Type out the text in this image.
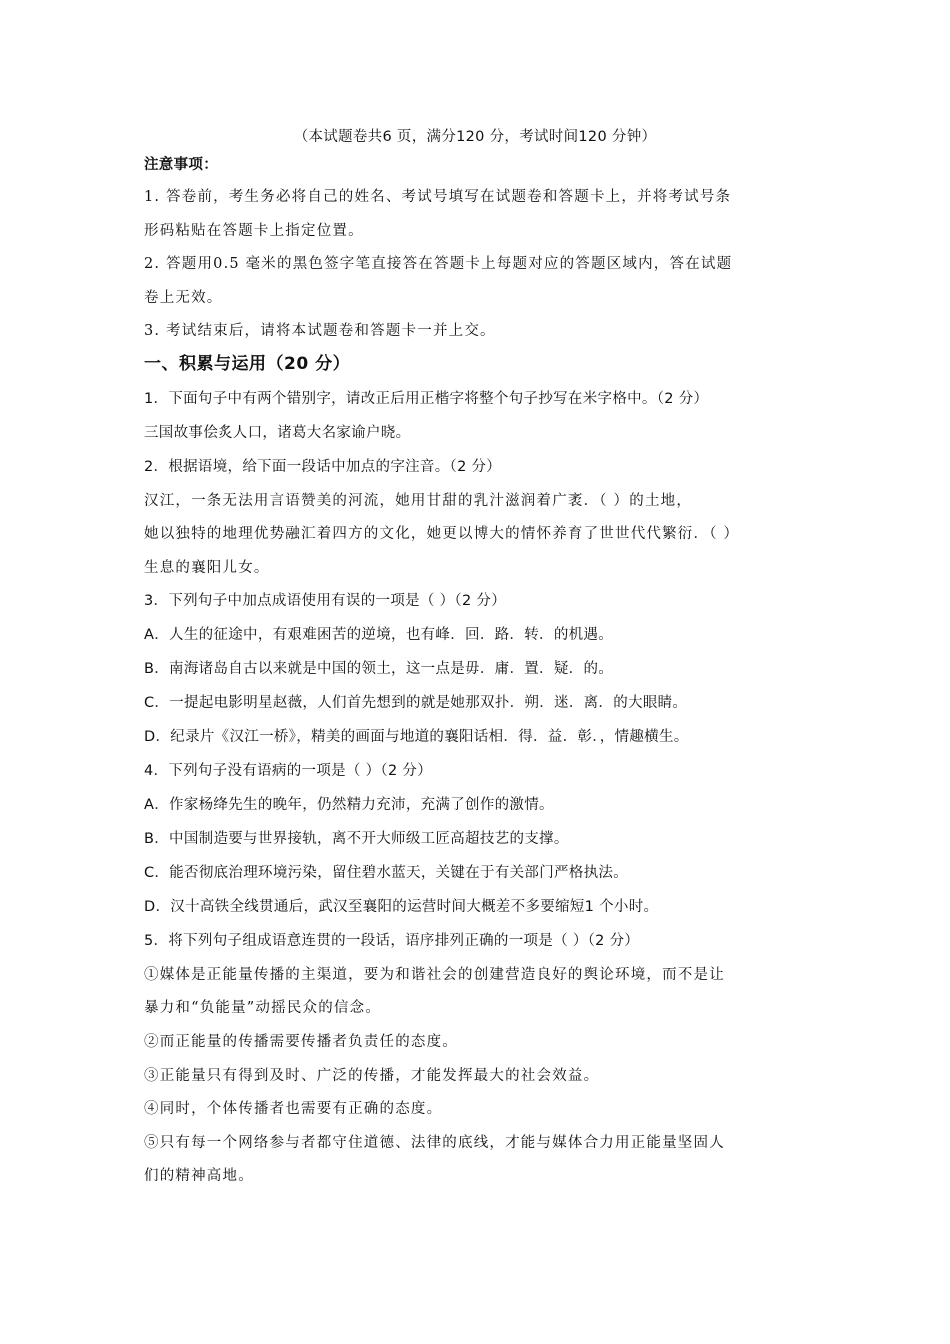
（本试题卷共6 页，满分120 分，考试时间120 分钟）
注意事项：
1. 答卷前，考生务必将自己的姓名、考试号填写在试题卷和答题卡上，并将考试号条
形码粘贴在答题卡上指定位置。
2. 答题用0.5 毫米的黑色签字笔直接答在答题卡上每题对应的答题区域内，答在试题
卷上无效。
3. 考试结束后，请将本试题卷和答题卡一并上交。
一、积累与运用（20 分）
1．下面句子中有两个错别字，请改正后用正楷字将整个句子抄写在米字格中。（2 分）
三国故事侩炙人口，诸葛大名家谕户晓。
2．根据语境，给下面一段话中加点的字注音。（2 分）
汉江，一条无法用言语赞美的河流，她用甘甜的乳汁滋润着广袤．（ ）的土地，
她以独特的地理优势融汇着四方的文化，她更以博大的情怀养育了世世代代繁衍．（ ）
生息的襄阳儿女。
3．下列句子中加点成语使用有误的一项是（ ）（2 分）
A．人生的征途中，有艰难困苦的逆境，也有峰．回．路．转．的机遇。
B．南海诸岛自古以来就是中国的领土，这一点是毋．庸．置．疑．的。
C．一提起电影明星赵薇，人们首先想到的就是她那双扑．朔．迷．离．的大眼睛。
D．纪录片《汉江一桥》，精美的画面与地道的襄阳话相．得．益．彰．，情趣横生。
4．下列句子没有语病的一项是（ ）（2 分）
A．作家杨绛先生的晚年，仍然精力充沛，充满了创作的激情。
B．中国制造要与世界接轨，离不开大师级工匠高超技艺的支撑。
C．能否彻底治理环境污染，留住碧水蓝天，关键在于有关部门严格执法。
D．汉十高铁全线贯通后，武汉至襄阳的运营时间大概差不多要缩短1 个小时。
5．将下列句子组成语意连贯的一段话，语序排列正确的一项是（ ）（2 分）
①媒体是正能量传播的主渠道，要为和谐社会的创建营造良好的舆论环境，而不是让
暴力和“负能量”动摇民众的信念。
②而正能量的传播需要传播者负责任的态度。
③正能量只有得到及时、广泛的传播，才能发挥最大的社会效益。
④同时，个体传播者也需要有正确的态度。
⑤只有每一个网络参与者都守住道德、法律的底线，才能与媒体合力用正能量坚固人
们的精神高地。
